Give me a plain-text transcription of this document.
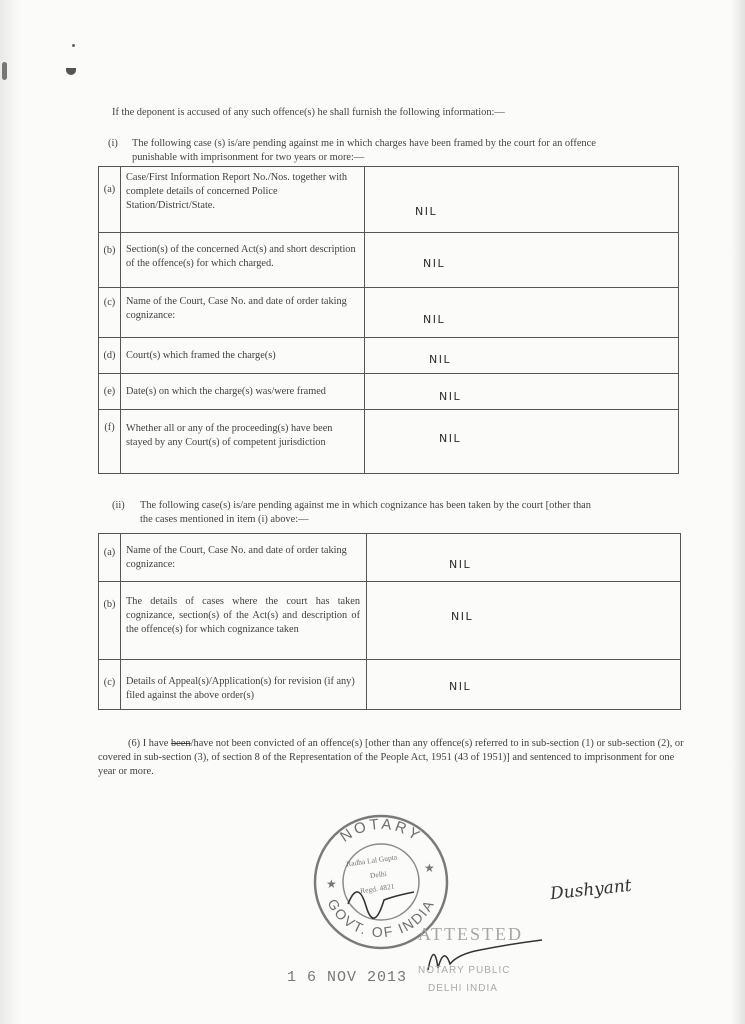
If the deponent is accused of any such offence(s) he shall furnish the following information:—
(i) The following case (s) is/are pending against me in which charges have been framed by the court for an offence
punishable with imprisonment for two years or more:—
(a)	Case/First Information Report No./Nos. together with complete details of concerned Police Station/District/State.	NIL

(b)	Section(s) of the concerned Act(s) and short description of the offence(s) for which charged.	NIL

(c)	Name of the Court, Case No. and date of order taking cognizance:	NIL

(d)	Court(s) which framed the charge(s)	NIL

(e)	Date(s) on which the charge(s) was/were framed	NIL

(f)	Whether all or any of the proceeding(s) have been stayed by any Court(s) of competent jurisdiction	NIL
(ii) The following case(s) is/are pending against me in which cognizance has been taken by the court [other than
the cases mentioned in item (i) above:—
(a)	Name of the Court, Case No. and date of order taking cognizance:	NIL

(b)	The details of cases where the court has taken cognizance, section(s) of the Act(s) and description of the offence(s) for which cognizance taken	NIL

(c)	Details of Appeal(s)/Application(s) for revision (if any) filed against the above order(s)	NIL
(6) I have been/have not been convicted of an offence(s) [other than any offence(s) referred to in sub-section (1) or sub-section (2), or covered in sub-section (3), of section 8 of the Representation of the People Act, 1951 (43 of 1951)] and sentenced to imprisonment for one year or more.
NOTARY
GOVT. OF INDIA
★
★
Radha Lal Gupta
Delhi
Regd. 4821
ATTESTED
1 6 NOV 2013 NOTARY PUBLIC
DELHI INDIA
Dushyant
